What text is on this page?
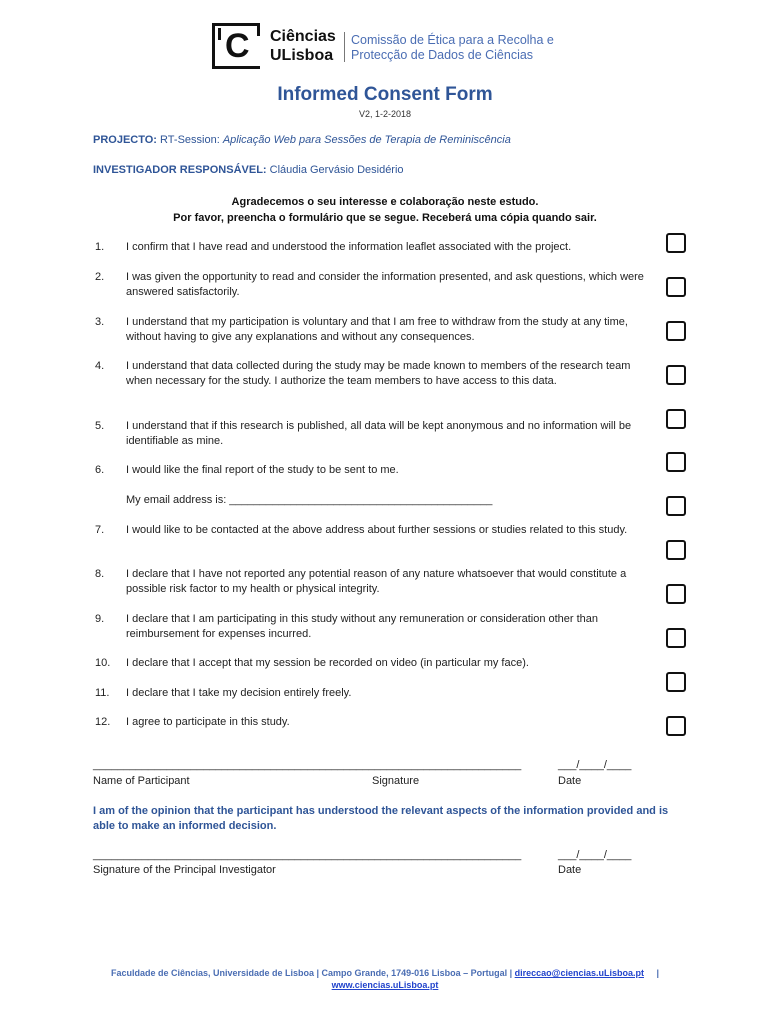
C Ciências
ULisboa
Comissão de Ética para a Recolha e
Protecção de Dados de Ciências
Informed Consent Form
V2, 1-2-2018
PROJECTO: RT-Session: Aplicação Web para Sessões de Terapia de Reminiscência
INVESTIGADOR RESPONSÁVEL: Cláudia Gervásio Desidério
Agradecemos o seu interesse e colaboração neste estudo.
Por favor, preencha o formulário que se segue. Receberá uma cópia quando sair.
1.	I confirm that I have read and understood the information leaflet associated with the project.
2.	I was given the opportunity to read and consider the information presented, and ask questions, which were answered satisfactorily.
3.	I understand that my participation is voluntary and that I am free to withdraw from the study at any time, without having to give any explanations and without any consequences.
4.	I understand that data collected during the study may be made known to members of the research team when necessary for the study. I authorize the team members to have access to this data.
5.	I understand that if this research is published, all data will be kept anonymous and no information will be identifiable as mine.
6.	I would like the final report of the study to be sent to me.
My email address is: ___________________________________________
7.	I would like to be contacted at the above address about further sessions or studies related to this study.
8.	I declare that I have not reported any potential reason of any nature whatsoever that would constitute a possible risk factor to my health or physical integrity.
9.	I declare that I am participating in this study without any remuneration or consideration other than reimbursement for expenses incurred.
10.	I declare that I accept that my session be recorded on video (in particular my face).
11.	I declare that I take my decision entirely freely.
12.	I agree to participate in this study.
______________________________________________________________________	___/____/____
Name of Participant	Signature	Date
I am of the opinion that the participant has understood the relevant aspects of the information provided and is able to make an informed decision.
______________________________________________________________________	___/____/____
Signature of the Principal Investigator	Date
Faculdade de Ciências, Universidade de Lisboa | Campo Grande, 1749-016 Lisboa – Portugal | direccao@ciencias.uLisboa.pt |
www.ciencias.uLisboa.pt
